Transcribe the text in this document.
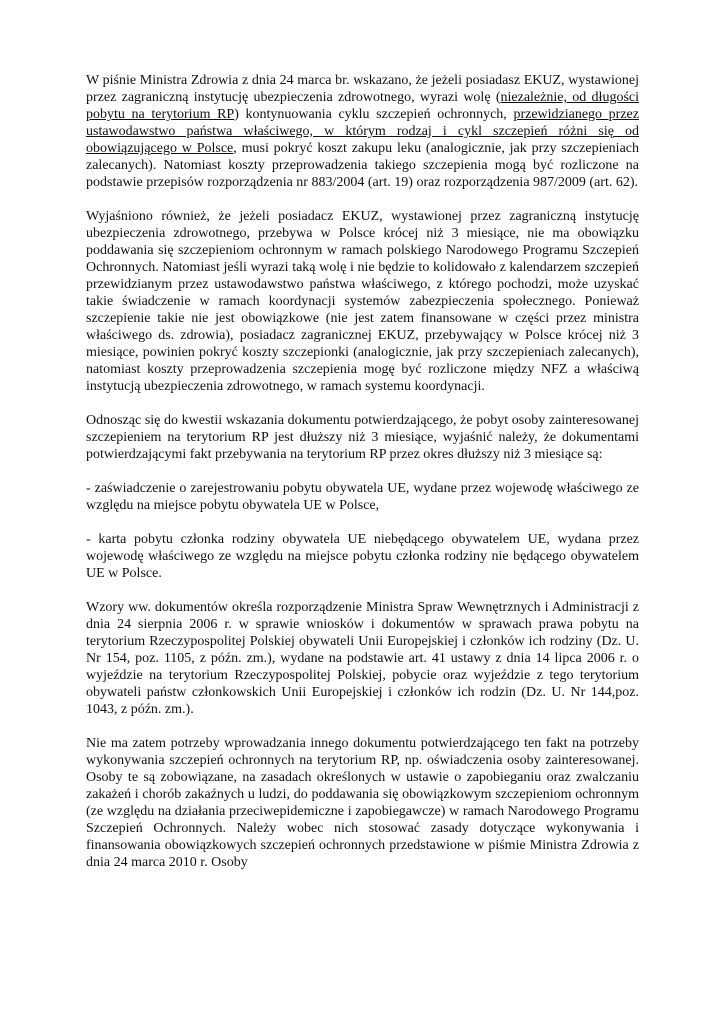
W piśnie Ministra Zdrowia z dnia 24 marca br. wskazano, że jeżeli posiadasz EKUZ, wystawionej przez zagraniczną instytucję ubezpieczenia zdrowotnego, wyrazi wolę (niezależnie, od długości pobytu na terytorium RP) kontynuowania cyklu szczepień ochronnych, przewidzianego przez ustawodawstwo państwa właściwego, w którym rodzaj i cykl szczepień różni się od obowiązującego w Polsce, musi pokryć koszt zakupu leku (analogicznie, jak przy szczepieniach zalecanych). Natomiast koszty przeprowadzenia takiego szczepienia mogą być rozliczone na podstawie przepisów rozporządzenia nr 883/2004 (art. 19) oraz rozporządzenia 987/2009 (art. 62).

Wyjaśniono również, że jeżeli posiadacz EKUZ, wystawionej przez zagraniczną instytucję ubezpieczenia zdrowotnego, przebywa w Polsce krócej niż 3 miesiące, nie ma obowiązku poddawania się szczepieniom ochronnym w ramach polskiego Narodowego Programu Szczepień Ochronnych. Natomiast jeśli wyrazi taką wolę i nie będzie to kolidowało z kalendarzem szczepień przewidzianym przez ustawodawstwo państwa właściwego, z którego pochodzi, może uzyskać takie świadczenie w ramach koordynacji systemów zabezpieczenia społecznego. Ponieważ szczepienie takie nie jest obowiązkowe (nie jest zatem finansowane w części przez ministra właściwego ds. zdrowia), posiadacz zagranicznej EKUZ, przebywający w Polsce krócej niż 3 miesiące, powinien pokryć koszty szczepionki (analogicznie, jak przy szczepieniach zalecanych), natomiast koszty przeprowadzenia szczepienia mogę być rozliczone między NFZ a właściwą instytucją ubezpieczenia zdrowotnego, w ramach systemu koordynacji.

Odnosząc się do kwestii wskazania dokumentu potwierdzającego, że pobyt osoby zainteresowanej szczepieniem na terytorium RP jest dłuższy niż 3 miesiące, wyjaśnić należy, że dokumentami potwierdzającymi fakt przebywania na terytorium RP przez okres dłuższy niż 3 miesiące są:

- zaświadczenie o zarejestrowaniu pobytu obywatela UE, wydane przez wojewodę właściwego ze względu na miejsce pobytu obywatela UE w Polsce,

- karta pobytu członka rodziny obywatela UE niebędącego obywatelem UE, wydana przez wojewodę właściwego ze względu na miejsce pobytu członka rodziny nie będącego obywatelem UE w Polsce.

Wzory ww. dokumentów określa rozporządzenie Ministra Spraw Wewnętrznych i Administracji z dnia 24 sierpnia 2006 r. w sprawie wniosków i dokumentów w sprawach prawa pobytu na terytorium Rzeczypospolitej Polskiej obywateli Unii Europejskiej i członków ich rodziny (Dz. U. Nr 154, poz. 1105, z późn. zm.), wydane na podstawie art. 41 ustawy z dnia 14 lipca 2006 r. o wyjeździe na terytorium Rzeczypospolitej Polskiej, pobycie oraz wyjeździe z tego terytorium obywateli państw członkowskich Unii Europejskiej i członków ich rodzin (Dz. U. Nr 144,poz. 1043, z późn. zm.).

Nie ma zatem potrzeby wprowadzania innego dokumentu potwierdzającego ten fakt na potrzeby wykonywania szczepień ochronnych na terytorium RP, np. oświadczenia osoby zainteresowanej. Osoby te są zobowiązane, na zasadach określonych w ustawie o zapobieganiu oraz zwalczaniu zakażeń i chorób zakaźnych u ludzi, do poddawania się obowiązkowym szczepieniom ochronnym (ze względu na działania przeciwepidemiczne i zapobiegawcze) w ramach Narodowego Programu Szczepień Ochronnych. Należy wobec nich stosować zasady dotyczące wykonywania i finansowania obowiązkowych szczepień ochronnych przedstawione w piśmie Ministra Zdrowia z dnia 24 marca 2010 r. Osoby
